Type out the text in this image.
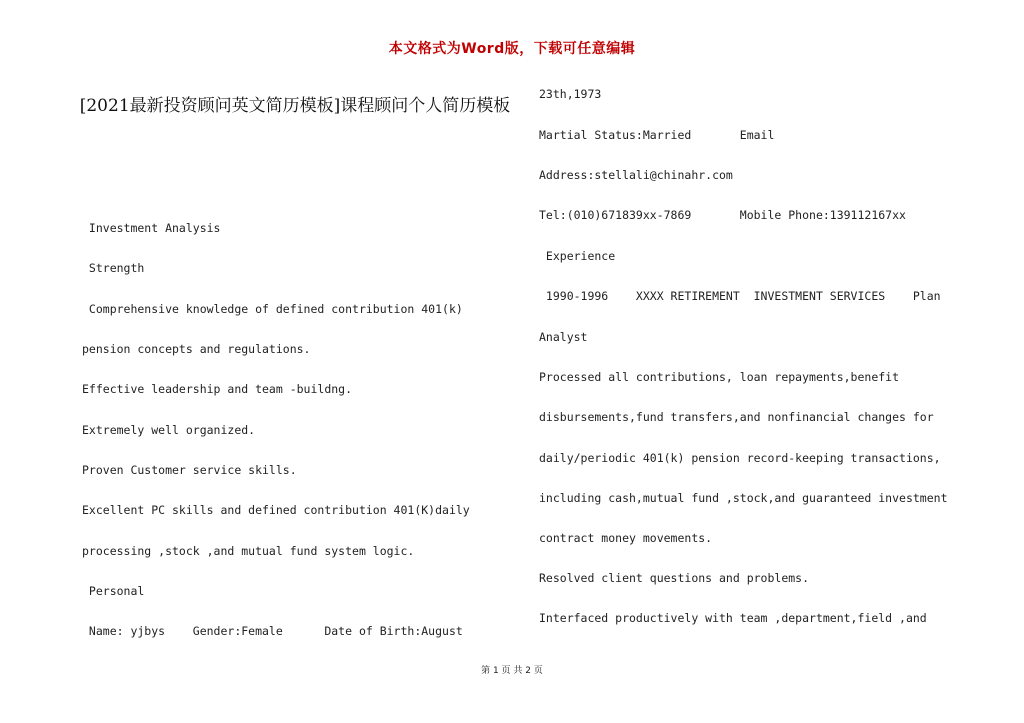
本文格式为Word版，下载可任意编辑
[2021最新投资顾问英文简历模板]课程顾问个人简历模板
Investment Analysis
Strength
Comprehensive knowledge of defined contribution 401(k)
pension concepts and regulations.
Effective leadership and team -buildng.
Extremely well organized.
Proven Customer service skills.
Excellent PC skills and defined contribution 401(K)daily
processing ,stock ,and mutual fund system logic.
Personal
Name: yjbys    Gender:Female      Date of Birth:August
23th,1973
Martial Status:Married       Email
Address:stellali@chinahr.com
Tel:(010)671839xx-7869       Mobile Phone:139112167xx
Experience
1990-1996    XXXX RETIREMENT  INVESTMENT SERVICES    Plan
Analyst
Processed all contributions, loan repayments,benefit
disbursements,fund transfers,and nonfinancial changes for
daily/periodic 401(k) pension record-keeping transactions,
including cash,mutual fund ,stock,and guaranteed investment
contract money movements.
Resolved client questions and problems.
Interfaced productively with team ,department,field ,and
第 1 页 共 2 页
